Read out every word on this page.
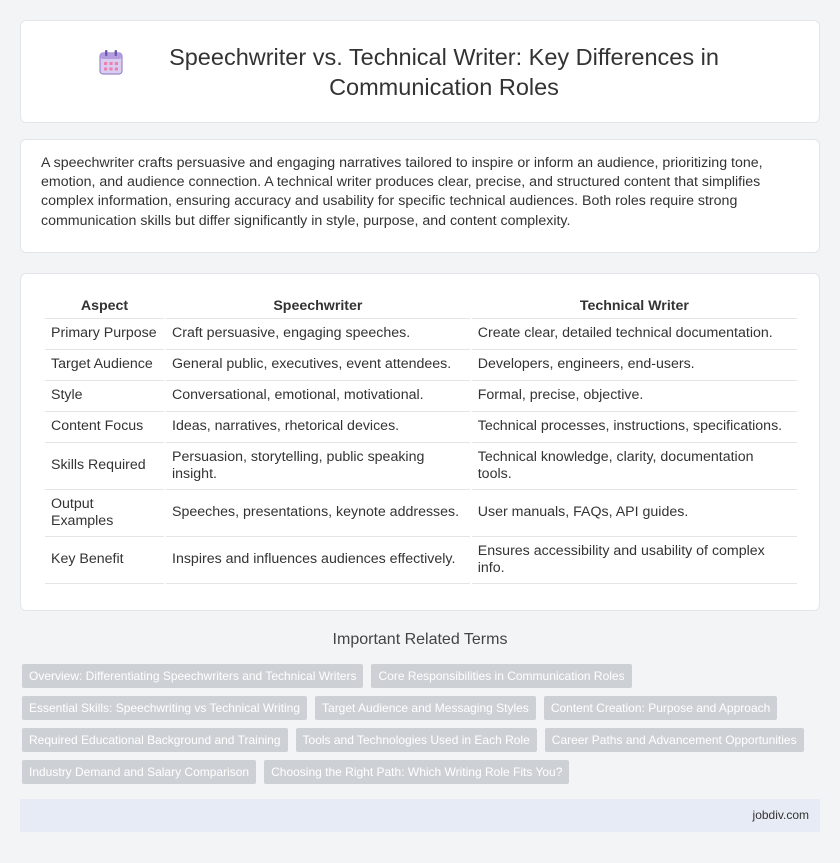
Speechwriter vs. Technical Writer: Key Differences in Communication Roles

A speechwriter crafts persuasive and engaging narratives tailored to inspire or inform an audience, prioritizing tone, emotion, and audience connection. A technical writer produces clear, precise, and structured content that simplifies complex information, ensuring accuracy and usability for specific technical audiences. Both roles require strong communication skills but differ significantly in style, purpose, and content complexity.

Aspect	Speechwriter	Technical Writer
Primary Purpose	Craft persuasive, engaging speeches.	Create clear, detailed technical documentation.
Target Audience	General public, executives, event attendees.	Developers, engineers, end-users.
Style	Conversational, emotional, motivational.	Formal, precise, objective.
Content Focus	Ideas, narratives, rhetorical devices.	Technical processes, instructions, specifications.
Skills Required	Persuasion, storytelling, public speaking insight.	Technical knowledge, clarity, documentation tools.
Output Examples	Speeches, presentations, keynote addresses.	User manuals, FAQs, API guides.
Key Benefit	Inspires and influences audiences effectively.	Ensures accessibility and usability of complex info.
Important Related Terms
Overview: Differentiating Speechwriters and Technical Writers	Core Responsibilities in Communication Roles
Essential Skills: Speechwriting vs Technical Writing	Target Audience and Messaging Styles	Content Creation: Purpose and Approach
Required Educational Background and Training	Tools and Technologies Used in Each Role	Career Paths and Advancement Opportunities
Industry Demand and Salary Comparison	Choosing the Right Path: Which Writing Role Fits You?
jobdiv.com
